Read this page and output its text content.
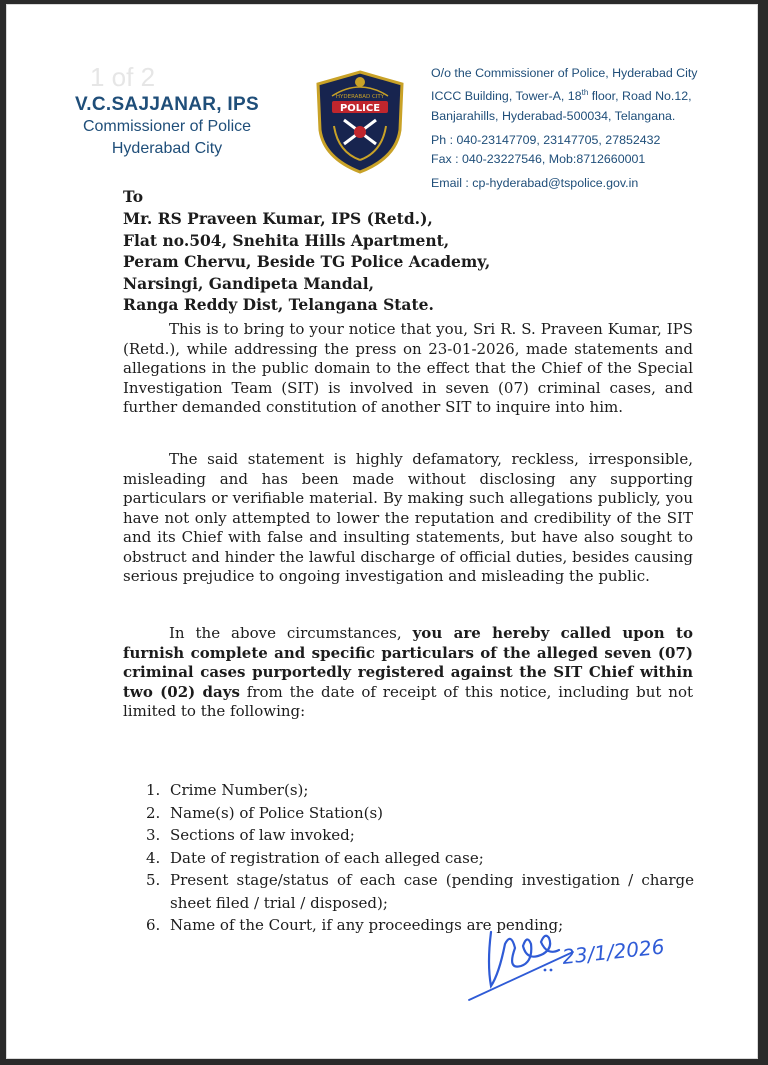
1 of 2
V.C.SAJJANAR, IPS
Commissioner of Police
Hyderabad City
HYDERABAD CITY
POLICE
O/o the Commissioner of Police, Hyderabad City
ICCC Building, Tower-A, 18th floor, Road No.12,
Banjarahills, Hyderabad-500034, Telangana.
Ph : 040-23147709, 23147705, 27852432
Fax : 040-23227546, Mob:8712660001
Email : cp-hyderabad@tspolice.gov.in
To
Mr. RS Praveen Kumar, IPS (Retd.),
Flat no.504, Snehita Hills Apartment,
Peram Chervu, Beside TG Police Academy,
Narsingi, Gandipeta Mandal,
Ranga Reddy Dist, Telangana State.

This is to bring to your notice that you, Sri R. S. Praveen Kumar, IPS (Retd.), while addressing the press on 23-01-2026, made statements and allegations in the public domain to the effect that the Chief of the Special Investigation Team (SIT) is involved in seven (07) criminal cases, and further demanded constitution of another SIT to inquire into him.

The said statement is highly defamatory, reckless, irresponsible, misleading and has been made without disclosing any supporting particulars or verifiable material. By making such allegations publicly, you have not only attempted to lower the reputation and credibility of the SIT and its Chief with false and insulting statements, but have also sought to obstruct and hinder the lawful discharge of official duties, besides causing serious prejudice to ongoing investigation and misleading the public.

In the above circumstances, you are hereby called upon to furnish complete and specific particulars of the alleged seven (07) criminal cases purportedly registered against the SIT Chief within two (02) days from the date of receipt of this notice, including but not limited to the following:

1. Crime Number(s);
2. Name(s) of Police Station(s)
3. Sections of law invoked;
4. Date of registration of each alleged case;
5. Present stage/status of each case (pending investigation / charge sheet filed / trial / disposed);
6. Name of the Court, if any proceedings are pending;
23/1/2026
